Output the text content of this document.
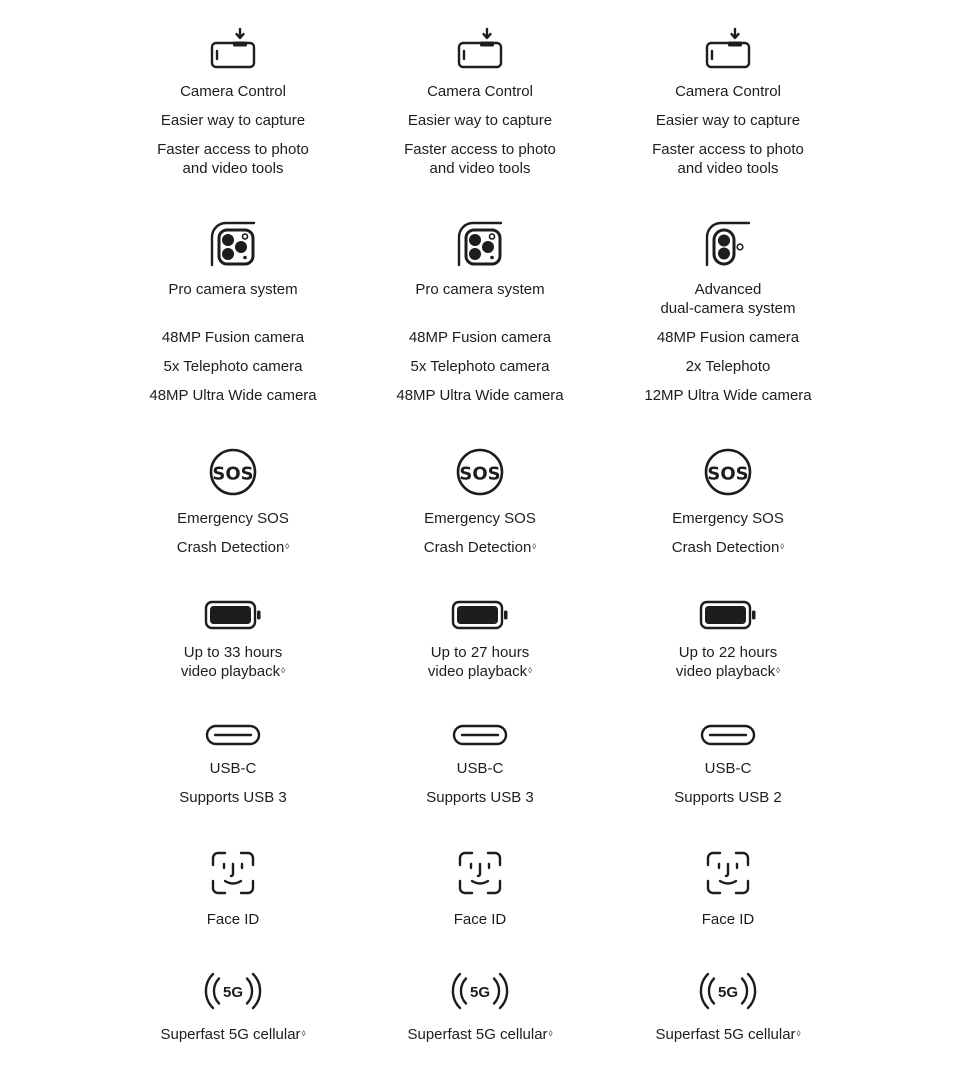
Camera Control
Easier way to capture
Faster access to photo
and video tools
Pro camera system
48MP Fusion camera
5x Telephoto camera
48MP Ultra Wide camera
SOS
Emergency SOS
Crash Detection◊
Up to 33 hours
video playback◊
USB-C
Supports USB 3
Face ID
5G
Superfast 5G cellular◊
Camera Control
Easier way to capture
Faster access to photo
and video tools
Pro camera system
48MP Fusion camera
5x Telephoto camera
48MP Ultra Wide camera
SOS
Emergency SOS
Crash Detection◊
Up to 27 hours
video playback◊
USB-C
Supports USB 3
Face ID
5G
Superfast 5G cellular◊
Camera Control
Easier way to capture
Faster access to photo
and video tools
Advanced
dual-camera system
48MP Fusion camera
2x Telephoto
12MP Ultra Wide camera
SOS
Emergency SOS
Crash Detection◊
Up to 22 hours
video playback◊
USB-C
Supports USB 2
Face ID
5G
Superfast 5G cellular◊
